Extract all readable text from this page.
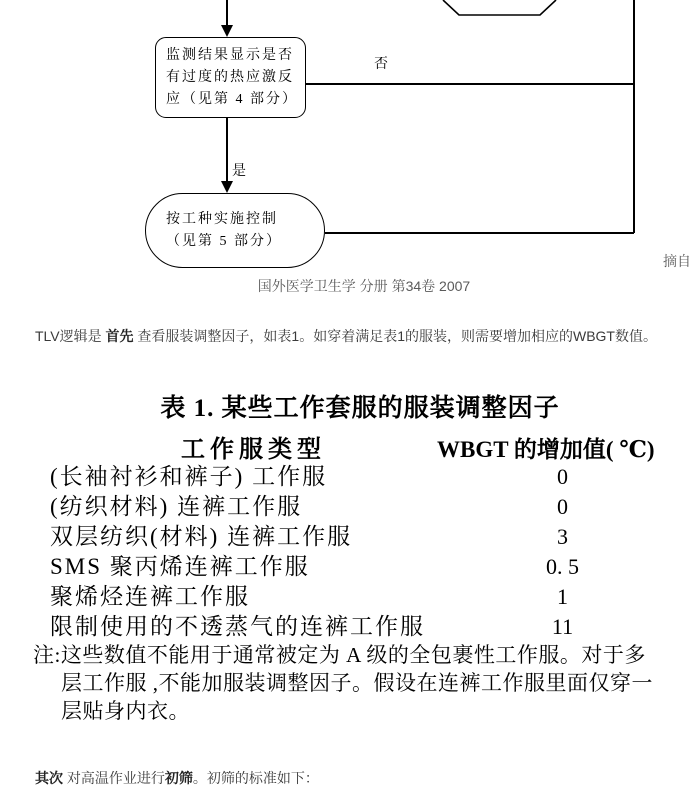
监测结果显示是否
有过度的热应激反
应（见第 4 部分）
否
是
按工种实施控制
（见第 5 部分）
国外医学卫生学 分册 第34卷 2007
摘自
TLV逻辑是 首先 查看服装调整因子，如表1。如穿着满足表1的服装，则需要增加相应的WBGT数值。
表 1. 某些工作套服的服装调整因子
工作服类型	WBGT 的增加值( ℃)
(长袖衬衫和裤子) 工作服	0
(纺织材料) 连裤工作服	0
双层纺织(材料) 连裤工作服	3
SMS 聚丙烯连裤工作服	0. 5
聚烯烃连裤工作服	1
限制使用的不透蒸气的连裤工作服	11
注:这些数值不能用于通常被定为 A 级的全包裹性工作服。对于多
层工作服 ,不能加服装调整因子。假设在连裤工作服里面仅穿一
层贴身内衣。
其次 对高温作业进行初筛。初筛的标准如下：
